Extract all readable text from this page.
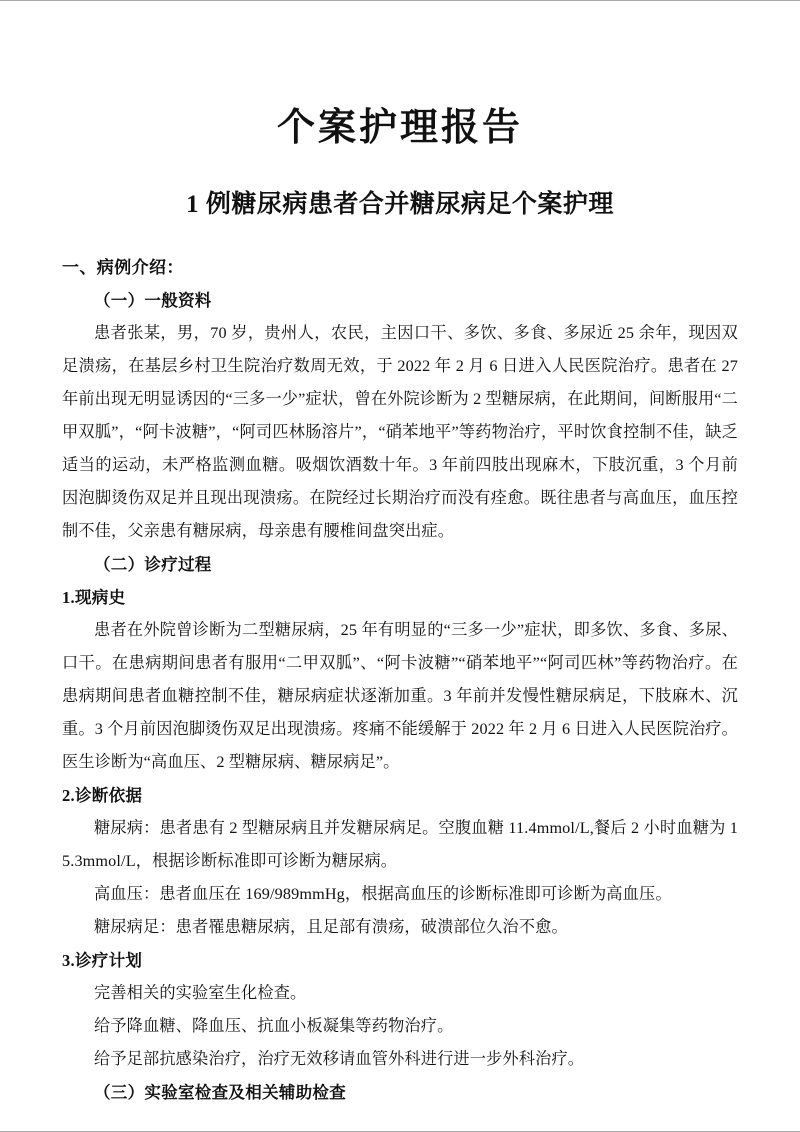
个案护理报告
1 例糖尿病患者合并糖尿病足个案护理
一、病例介绍：
（一）一般资料

患者张某，男，70 岁，贵州人，农民，主因口干、多饮、多食、多尿近 25 余年，现因双足溃疡，在基层乡村卫生院治疗数周无效，于 2022 年 2 月 6 日进入人民医院治疗。患者在 27 年前出现无明显诱因的“三多一少”症状，曾在外院诊断为 2 型糖尿病，在此期间，间断服用“二甲双胍”，“阿卡波糖”，“阿司匹林肠溶片”，“硝苯地平”等药物治疗，平时饮食控制不佳，缺乏适当的运动，未严格监测血糖。吸烟饮酒数十年。3 年前四肢出现麻木，下肢沉重，3 个月前因泡脚烫伤双足并且现出现溃疡。在院经过长期治疗而没有痊愈。既往患者与高血压，血压控制不佳，父亲患有糖尿病，母亲患有腰椎间盘突出症。

（二）诊疗过程
1.现病史

患者在外院曾诊断为二型糖尿病，25 年有明显的“三多一少”症状，即多饮、多食、多尿、口干。在患病期间患者有服用“二甲双胍”、“阿卡波糖”“硝苯地平”“阿司匹林”等药物治疗。在患病期间患者血糖控制不佳，糖尿病症状逐渐加重。3 年前并发慢性糖尿病足，下肢麻木、沉重。3 个月前因泡脚烫伤双足出现溃疡。疼痛不能缓解于 2022 年 2 月 6 日进入人民医院治疗。医生诊断为“高血压、2 型糖尿病、糖尿病足”。

2.诊断依据

糖尿病：患者患有 2 型糖尿病且并发糖尿病足。空腹血糖 11.4mmol/L,餐后 2 小时血糖为 15.3mmol/L，根据诊断标准即可诊断为糖尿病。

高血压：患者血压在 169/989mmHg，根据高血压的诊断标准即可诊断为高血压。

糖尿病足：患者罹患糖尿病，且足部有溃疡，破溃部位久治不愈。

3.诊疗计划

完善相关的实验室生化检查。

给予降血糖、降血压、抗血小板凝集等药物治疗。

给予足部抗感染治疗，治疗无效移请血管外科进行进一步外科治疗。

（三）实验室检查及相关辅助检查
